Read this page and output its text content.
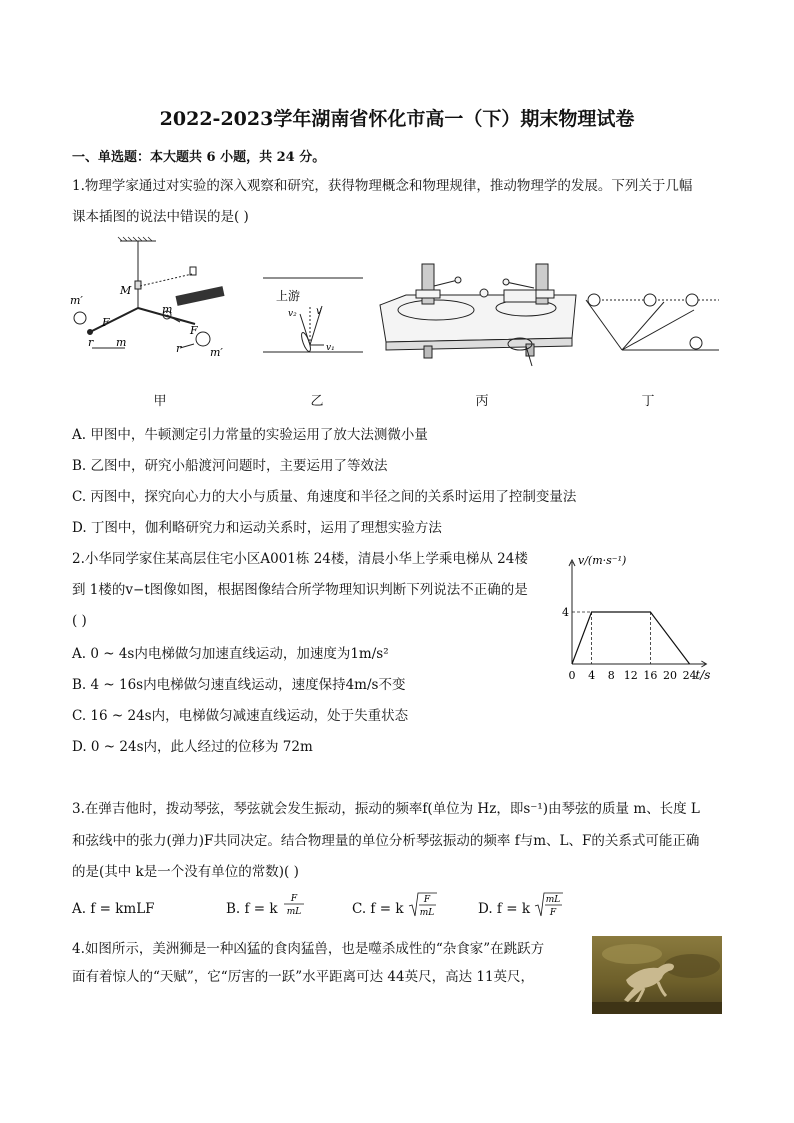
2022-2023学年湖南省怀化市高一（下）期末物理试卷
一、单选题：本大题共 6 小题，共 24 分。
1.物理学家通过对实验的深入观察和研究，获得物理概念和物理规律，推动物理学的发展。下列关于几幅
课本插图的说法中错误的是( )
m′
M
F
m
m
F
r	r	m′
上游
v₂ v
v₁
甲	乙	丙	丁
A. 甲图中，牛顿测定引力常量的实验运用了放大法测微小量
B. 乙图中，研究小船渡河问题时，主要运用了等效法
C. 丙图中，探究向心力的大小与质量、角速度和半径之间的关系时运用了控制变量法
D. 丁图中，伽利略研究力和运动关系时，运用了理想实验方法
2.小华同学家住某高层住宅小区A001栋 24楼，清晨小华上学乘电梯从 24楼
到 1楼的v−t图像如图，根据图像结合所学物理知识判断下列说法不正确的是
( )
A. 0 ~ 4s内电梯做匀加速直线运动，加速度为1m/s²
B. 4 ~ 16s内电梯做匀速直线运动，速度保持4m/s不变
C. 16 ~ 24s内，电梯做匀减速直线运动，处于失重状态
D. 0 ~ 24s内，此人经过的位移为 72m
v/(m·s⁻¹)
t/s
4
0 4 8 12 16 20 24
3.在弹吉他时，拨动琴弦，琴弦就会发生振动，振动的频率f(单位为 Hz，即s⁻¹)由琴弦的质量 m、长度 L
和弦线中的张力(弹力)F共同决定。结合物理量的单位分析琴弦振动的频率 f与m、L、F的关系式可能正确
的是(其中 k是一个没有单位的常数)( )
A. f = kmLF	B. f = k
F
mL	C. f = k
F
mL	D. f = k
mL
F
4.如图所示，美洲狮是一种凶猛的食肉猛兽，也是噬杀成性的“杂食家”在跳跃方
面有着惊人的“天赋”，它“厉害的一跃”水平距离可达 44英尺，高达 11英尺，
